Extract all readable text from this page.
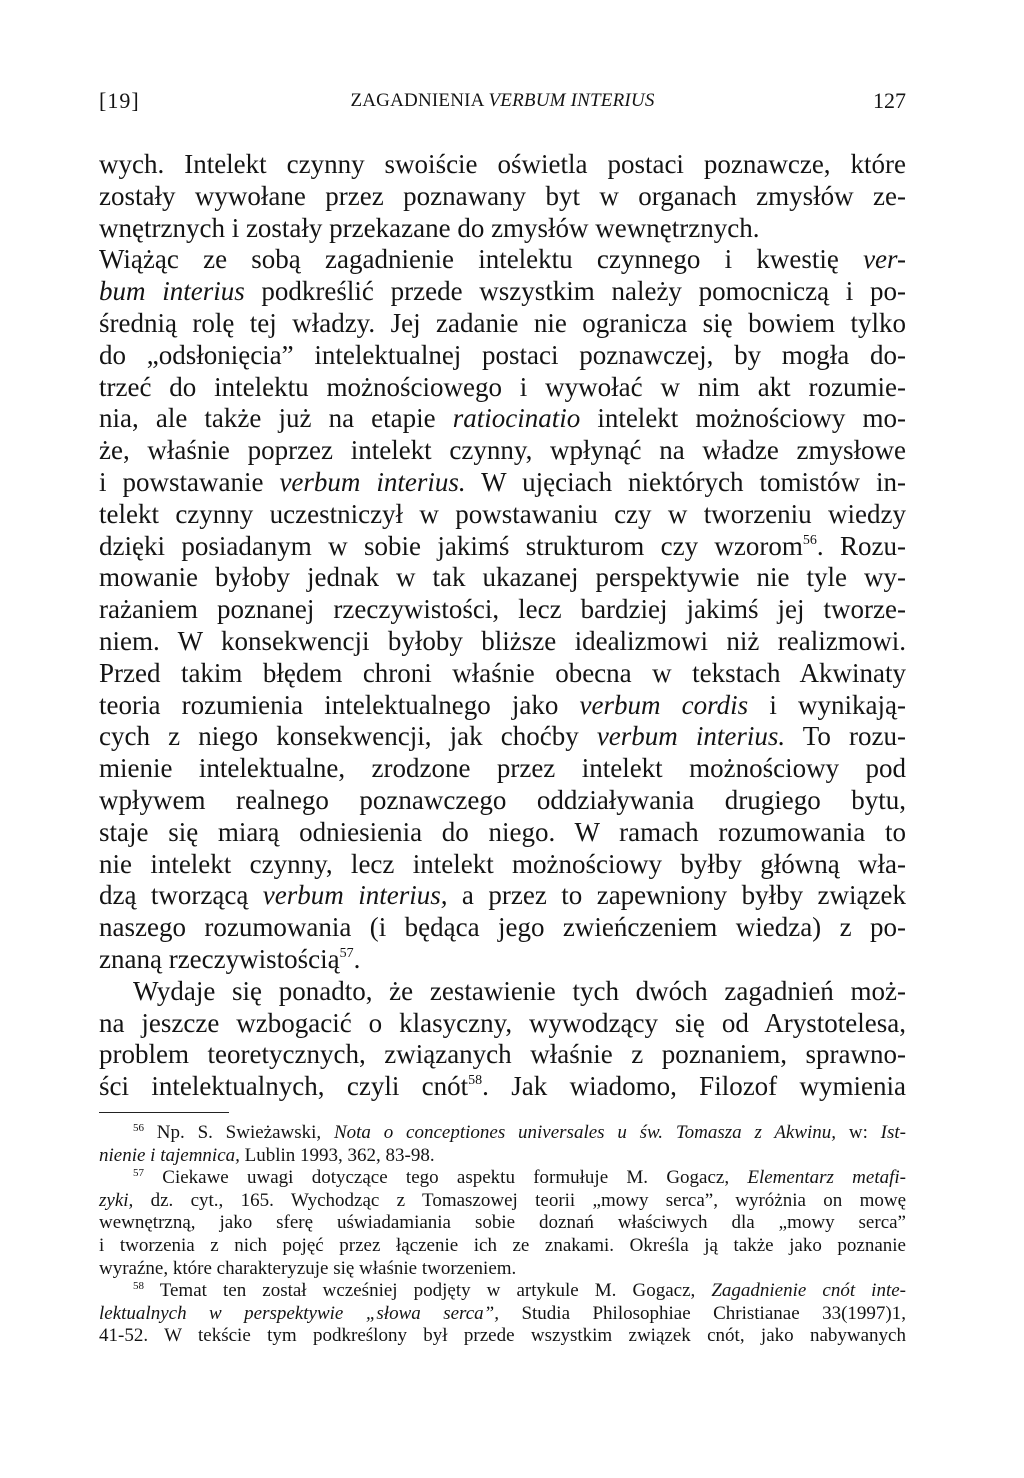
[19]	ZAGADNIENIA VERBUM INTERIUS	127
wych. Intelekt czynny swoiście oświetla postaci poznawcze, które
zostały wywołane przez poznawany byt w organach zmysłów ze-
wnętrznych i zostały przekazane do zmysłów wewnętrznych.
Wiążąc ze sobą zagadnienie intelektu czynnego i kwestię ver-
bum interius podkreślić przede wszystkim należy pomocniczą i po-
średnią rolę tej władzy. Jej zadanie nie ogranicza się bowiem tylko
do „odsłonięcia” intelektualnej postaci poznawczej, by mogła do-
trzeć do intelektu możnościowego i wywołać w nim akt rozumie-
nia, ale także już na etapie ratiocinatio intelekt możnościowy mo-
że, właśnie poprzez intelekt czynny, wpłynąć na władze zmysłowe
i powstawanie verbum interius. W ujęciach niektórych tomistów in-
telekt czynny uczestniczył w powstawaniu czy w tworzeniu wiedzy
dzięki posiadanym w sobie jakimś strukturom czy wzorom$^{56}$. Rozu-
mowanie byłoby jednak w tak ukazanej perspektywie nie tyle wy-
rażaniem poznanej rzeczywistości, lecz bardziej jakimś jej tworze-
niem. W konsekwencji byłoby bliższe idealizmowi niż realizmowi.
Przed takim błędem chroni właśnie obecna w tekstach Akwinaty
teoria rozumienia intelektualnego jako verbum cordis i wynikają-
cych z niego konsekwencji, jak choćby verbum interius. To rozu-
mienie intelektualne, zrodzone przez intelekt możnościowy pod
wpływem realnego poznawczego oddziaływania drugiego bytu,
staje się miarą odniesienia do niego. W ramach rozumowania to
nie intelekt czynny, lecz intelekt możnościowy byłby główną wła-
dzą tworzącą verbum interius, a przez to zapewniony byłby związek
naszego rozumowania (i będąca jego zwieńczeniem wiedza) z po-
znaną rzeczywistością$^{57}$.
Wydaje się ponadto, że zestawienie tych dwóch zagadnień moż-
na jeszcze wzbogacić o klasyczny, wywodzący się od Arystotelesa,
problem teoretycznych, związanych właśnie z poznaniem, sprawno-
ści intelektualnych, czyli cnót$^{58}$. Jak wiadomo, Filozof wymienia
$^{56}$ Np. S. Swieżawski, Nota o conceptiones universales u św. Tomasza z Akwinu, w: Ist-
nienie i tajemnica, Lublin 1993, 362, 83-98.
$^{57}$ Ciekawe uwagi dotyczące tego aspektu formułuje M. Gogacz, Elementarz metafi-
zyki, dz. cyt., 165. Wychodząc z Tomaszowej teorii „mowy serca”, wyróżnia on mowę
wewnętrzną, jako sferę uświadamiania sobie doznań właściwych dla „mowy serca”
i tworzenia z nich pojęć przez łączenie ich ze znakami. Określa ją także jako poznanie
wyraźne, które charakteryzuje się właśnie tworzeniem.
$^{58}$ Temat ten został wcześniej podjęty w artykule M. Gogacz, Zagadnienie cnót inte-
lektualnych w perspektywie „słowa serca”, Studia Philosophiae Christianae 33(1997)1,
41-52. W tekście tym podkreślony był przede wszystkim związek cnót, jako nabywanych
